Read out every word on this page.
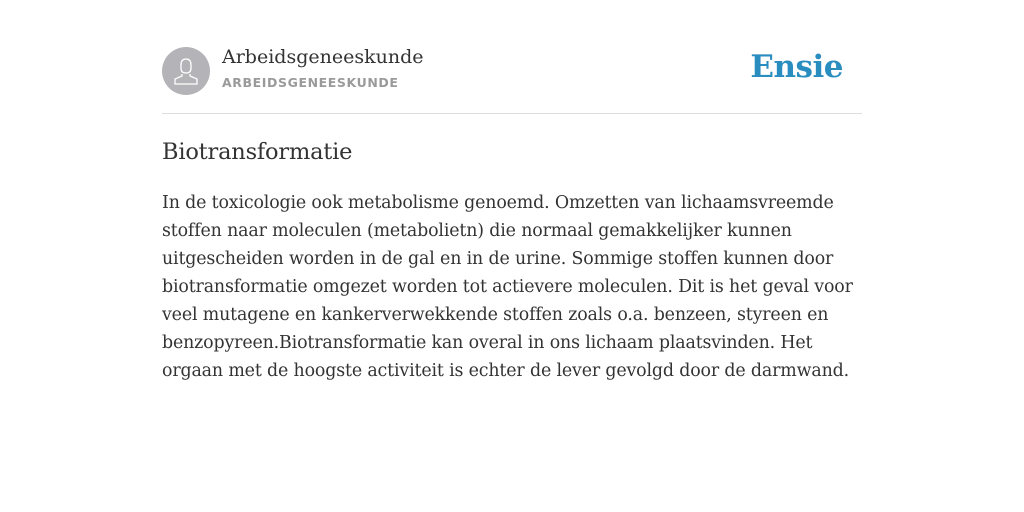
Arbeidsgeneeskunde
ARBEIDSGENEESKUNDE	Ensie
Biotransformatie

In de toxicologie ook metabolisme genoemd. Omzetten van lichaamsvreemde stoffen naar moleculen (metabolietn) die normaal gemakkelijker kunnen uitgescheiden worden in de gal en in de urine. Sommige stoffen kunnen door biotransformatie omgezet worden tot actievere moleculen. Dit is het geval voor veel mutagene en kankerverwekkende stoffen zoals o.a. benzeen, styreen en benzopyreen.Biotransformatie kan overal in ons lichaam plaatsvinden. Het orgaan met de hoogste activiteit is echter de lever gevolgd door de darmwand.
